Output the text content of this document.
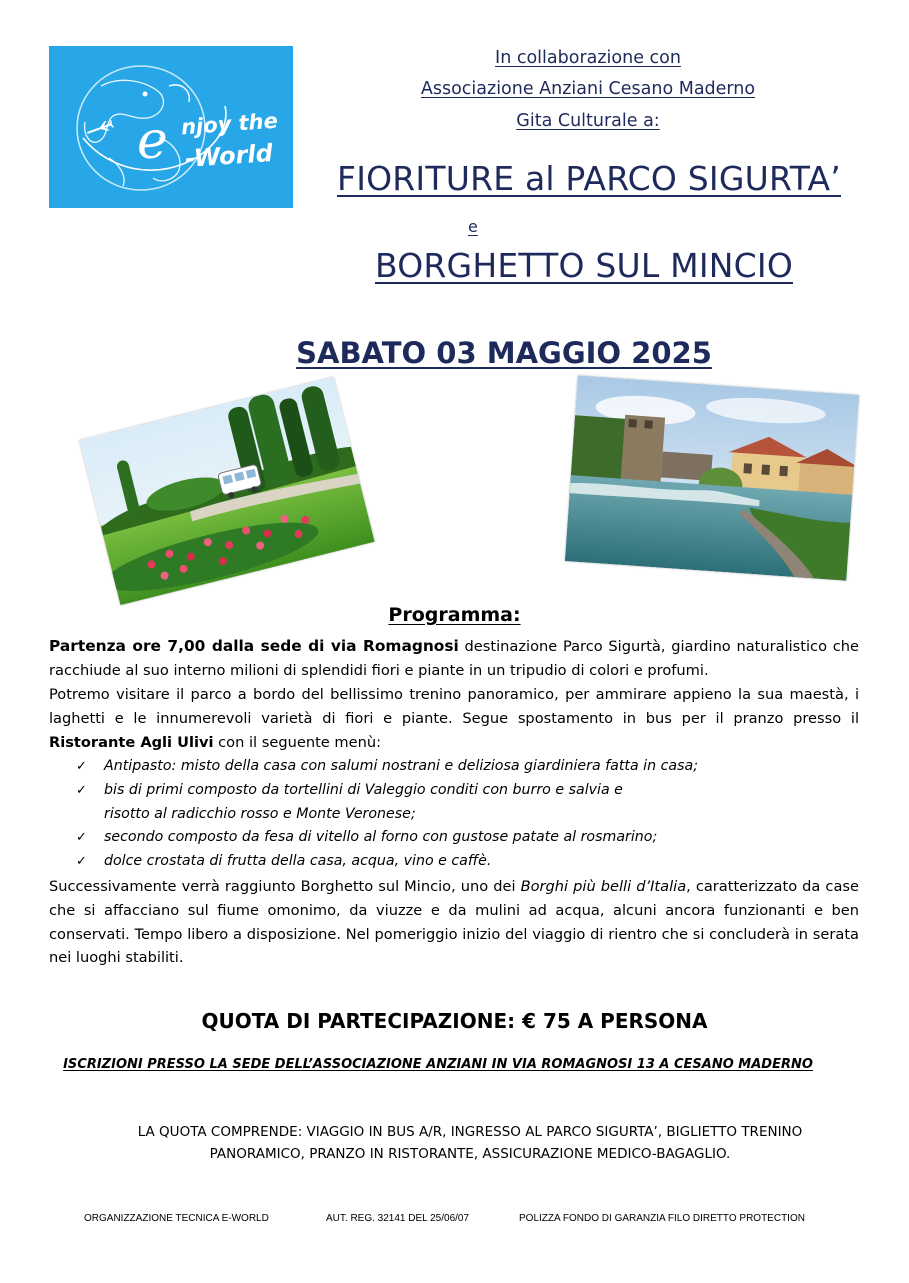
e njoy the
-World
In collaborazione con
Associazione Anziani Cesano Maderno
Gita Culturale a:
FIORITURE al PARCO SIGURTA’
e
BORGHETTO SUL MINCIO
SABATO 03 MAGGIO 2025
Programma:
Partenza ore 7,00 dalla sede di via Romagnosi destinazione Parco Sigurtà, giardino naturalistico che racchiude al suo interno milioni di splendidi fiori e piante in un tripudio di colori e profumi.
Potremo visitare il parco a bordo del bellissimo trenino panoramico, per ammirare appieno la sua maestà, i laghetti e le innumerevoli varietà di fiori e piante. Segue spostamento in bus per il pranzo presso il Ristorante Agli Ulivi con il seguente menù:
✓ Antipasto: misto della casa con salumi nostrani e deliziosa giardiniera fatta in casa;
✓ bis di primi composto da tortellini di Valeggio conditi con burro e salvia e
risotto al radicchio rosso e Monte Veronese;
✓ secondo composto da fesa di vitello al forno con gustose patate al rosmarino;
✓ dolce crostata di frutta della casa, acqua, vino e caffè.
Successivamente verrà raggiunto Borghetto sul Mincio, uno dei Borghi più belli d’Italia, caratterizzato da case che si affacciano sul fiume omonimo, da viuzze e da mulini ad acqua, alcuni ancora funzionanti e ben conservati. Tempo libero a disposizione. Nel pomeriggio inizio del viaggio di rientro che si concluderà in serata nei luoghi stabiliti.
QUOTA DI PARTECIPAZIONE: € 75 A PERSONA
ISCRIZIONI PRESSO LA SEDE DELL’ASSOCIAZIONE ANZIANI IN VIA ROMAGNOSI 13 A CESANO MADERNO
LA QUOTA COMPRENDE: VIAGGIO IN BUS A/R, INGRESSO AL PARCO SIGURTA’, BIGLIETTO TRENINO
PANORAMICO, PRANZO IN RISTORANTE, ASSICURAZIONE MEDICO-BAGAGLIO.
ORGANIZZAZIONE TECNICA E-WORLD	AUT. REG. 32141 DEL 25/06/07	POLIZZA FONDO DI GARANZIA FILO DIRETTO PROTECTION
